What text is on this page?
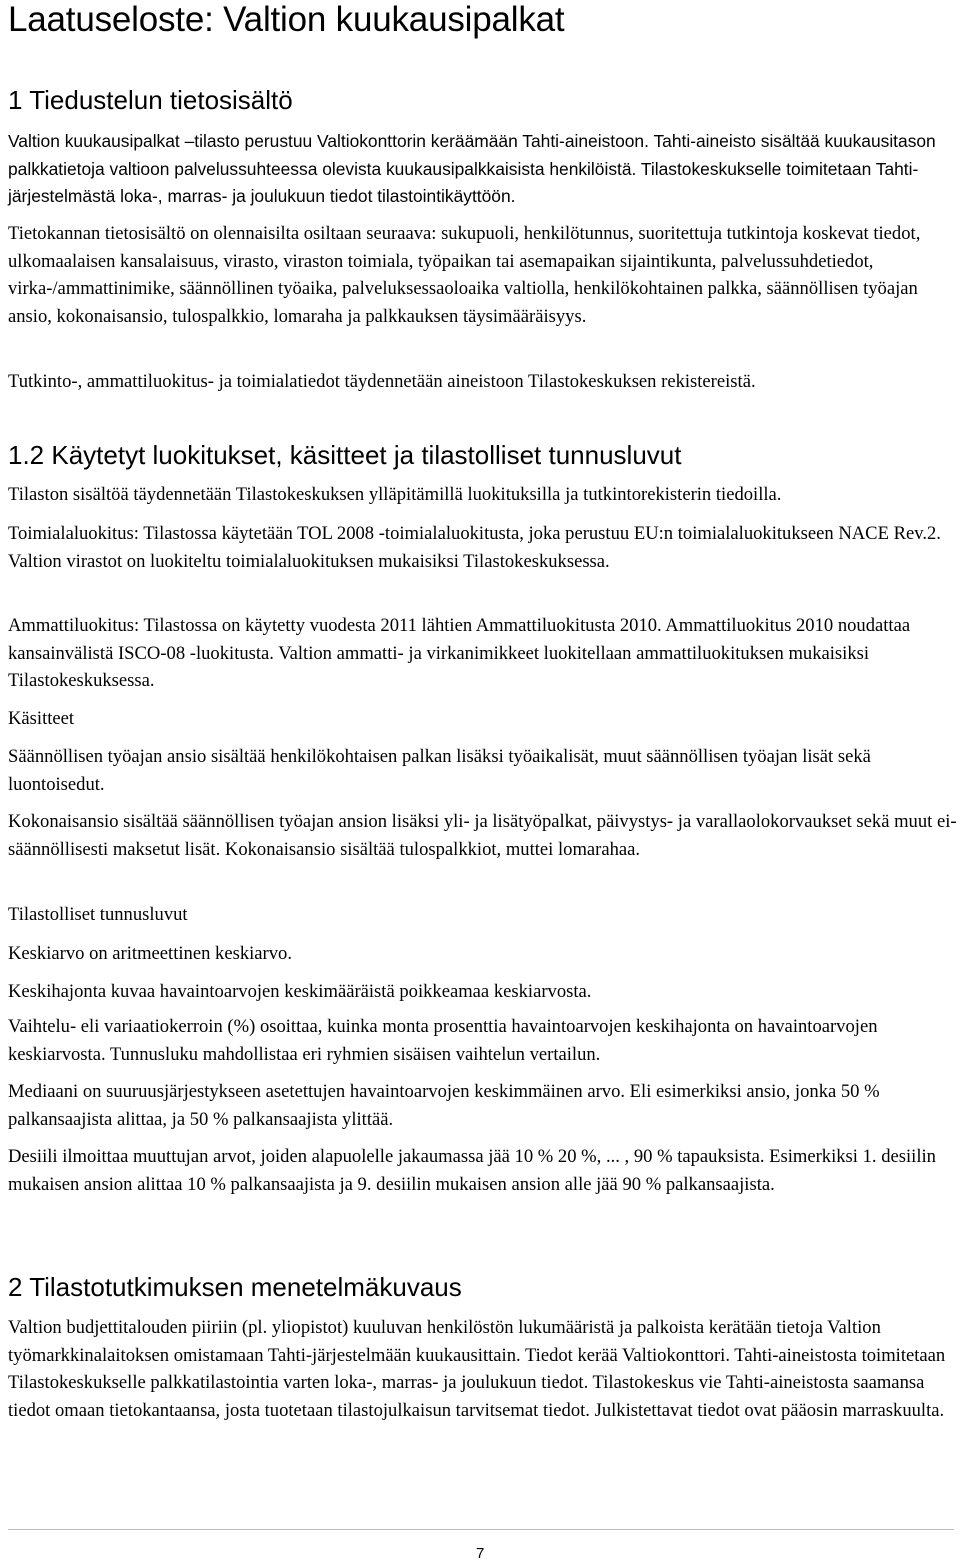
Laatuseloste: Valtion kuukausipalkat
1 Tiedustelun tietosisältö

Valtion kuukausipalkat –tilasto perustuu Valtiokonttorin keräämään Tahti-aineistoon. Tahti-aineisto sisältää kuukausitason palkkatietoja valtioon palvelussuhteessa olevista kuukausipalkkaisista henkilöistä. Tilastokeskukselle toimitetaan Tahti-järjestelmästä loka-, marras- ja joulukuun tiedot tilastointikäyttöön.

Tietokannan tietosisältö on olennaisilta osiltaan seuraava: sukupuoli, henkilötunnus, suoritettuja tutkintoja koskevat tiedot, ulkomaalaisen kansalaisuus, virasto, viraston toimiala, työpaikan tai asemapaikan sijaintikunta, palvelussuhdetiedot, virka-/ammattinimike, säännöllinen työaika, palveluksessaoloaika valtiolla, henkilökohtainen palkka, säännöllisen työajan ansio, kokonaisansio, tulospalkkio, lomaraha ja palkkauksen täysimääräisyys.

Tutkinto-, ammattiluokitus- ja toimialatiedot täydennetään aineistoon Tilastokeskuksen rekistereistä.

1.2 Käytetyt luokitukset, käsitteet ja tilastolliset tunnusluvut

Tilaston sisältöä täydennetään Tilastokeskuksen ylläpitämillä luokituksilla ja tutkintorekisterin tiedoilla.

Toimialaluokitus: Tilastossa käytetään TOL 2008 -toimialaluokitusta, joka perustuu EU:n toimialaluokitukseen NACE Rev.2. Valtion virastot on luokiteltu toimialaluokituksen mukaisiksi Tilastokeskuksessa.

Ammattiluokitus: Tilastossa on käytetty vuodesta 2011 lähtien Ammattiluokitusta 2010. Ammattiluokitus 2010 noudattaa kansainvälistä ISCO-08 -luokitusta. Valtion ammatti- ja virkanimikkeet luokitellaan ammattiluokituksen mukaisiksi Tilastokeskuksessa.

Käsitteet

Säännöllisen työajan ansio sisältää henkilökohtaisen palkan lisäksi työaikalisät, muut säännöllisen työajan lisät sekä luontoisedut.

Kokonaisansio sisältää säännöllisen työajan ansion lisäksi yli- ja lisätyöpalkat, päivystys- ja varallaolokorvaukset sekä muut ei-säännöllisesti maksetut lisät. Kokonaisansio sisältää tulospalkkiot, muttei lomarahaa.

Tilastolliset tunnusluvut

Keskiarvo on aritmeettinen keskiarvo.

Keskihajonta kuvaa havaintoarvojen keskimääräistä poikkeamaa keskiarvosta.

Vaihtelu- eli variaatiokerroin (%) osoittaa, kuinka monta prosenttia havaintoarvojen keskihajonta on havaintoarvojen keskiarvosta. Tunnusluku mahdollistaa eri ryhmien sisäisen vaihtelun vertailun.

Mediaani on suuruusjärjestykseen asetettujen havaintoarvojen keskimmäinen arvo. Eli esimerkiksi ansio, jonka 50 % palkansaajista alittaa, ja 50 % palkansaajista ylittää.

Desiili ilmoittaa muuttujan arvot, joiden alapuolelle jakaumassa jää 10 % 20 %, ... , 90 % tapauksista. Esimerkiksi 1. desiilin mukaisen ansion alittaa 10 % palkansaajista ja 9. desiilin mukaisen ansion alle jää 90 % palkansaajista.

2 Tilastotutkimuksen menetelmäkuvaus

Valtion budjettitalouden piiriin (pl. yliopistot) kuuluvan henkilöstön lukumääristä ja palkoista kerätään tietoja Valtion työmarkkinalaitoksen omistamaan Tahti-järjestelmään kuukausittain. Tiedot kerää Valtiokonttori. Tahti-aineistosta toimitetaan Tilastokeskukselle palkkatilastointia varten loka-, marras- ja joulukuun tiedot. Tilastokeskus vie Tahti-aineistosta saamansa tiedot omaan tietokantaansa, josta tuotetaan tilastojulkaisun tarvitsemat tiedot. Julkistettavat tiedot ovat pääosin marraskuulta.

7
